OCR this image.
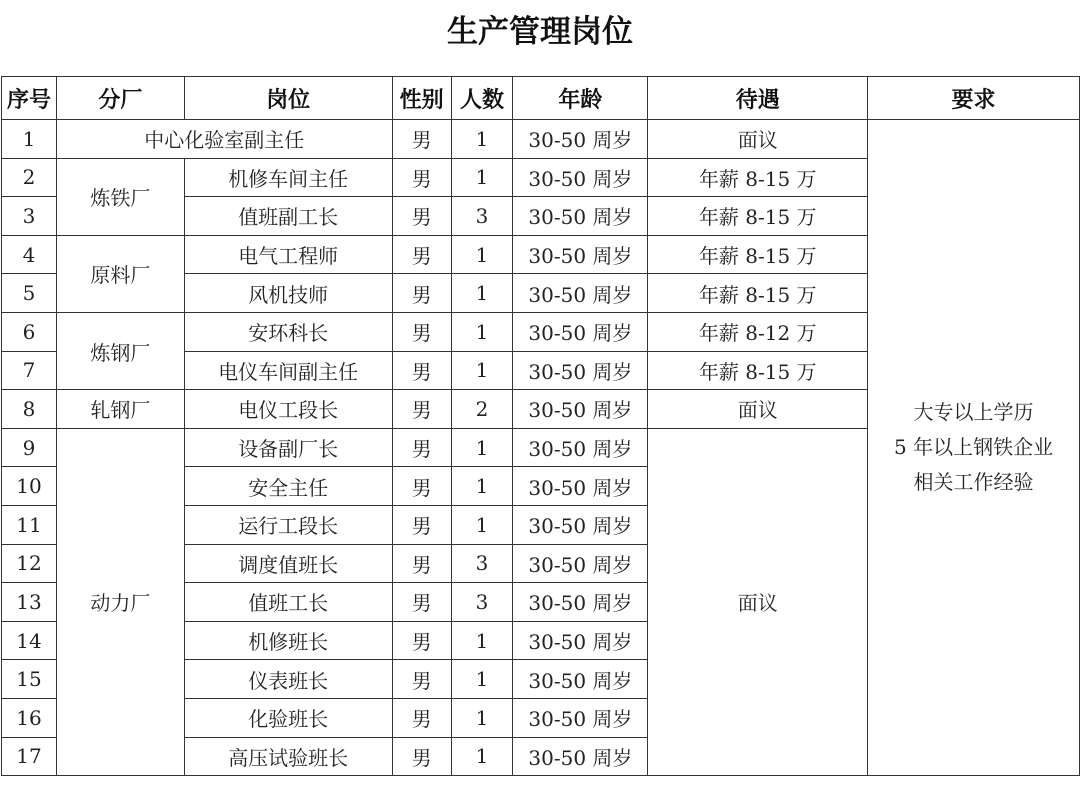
生产管理岗位
序号	分厂	岗位	性别	人数	年龄	待遇	要求
1	中心化验室副主任		男	1	30-50 周岁	面议	大专以上学历
5 年以上钢铁企业
相关工作经验

2	炼铁厂	机修车间主任	男	1	30-50 周岁	年薪 8-15 万	
3		值班副工长	男	3	30-50 周岁	年薪 8-15 万	
4	原料厂	电气工程师	男	1	30-50 周岁	年薪 8-15 万	
5		风机技师	男	1	30-50 周岁	年薪 8-15 万	
6	炼钢厂	安环科长	男	1	30-50 周岁	年薪 8-12 万	
7		电仪车间副主任	男	1	30-50 周岁	年薪 8-15 万	
8	轧钢厂	电仪工段长	男	2	30-50 周岁	面议	
9	动力厂	设备副厂长	男	1	30-50 周岁	面议	
10		安全主任	男	1	30-50 周岁		
11		运行工段长	男	1	30-50 周岁		
12		调度值班长	男	3	30-50 周岁		
13		值班工长	男	3	30-50 周岁		
14		机修班长	男	1	30-50 周岁		
15		仪表班长	男	1	30-50 周岁		
16		化验班长	男	1	30-50 周岁		
17		高压试验班长	男	1	30-50 周岁		
